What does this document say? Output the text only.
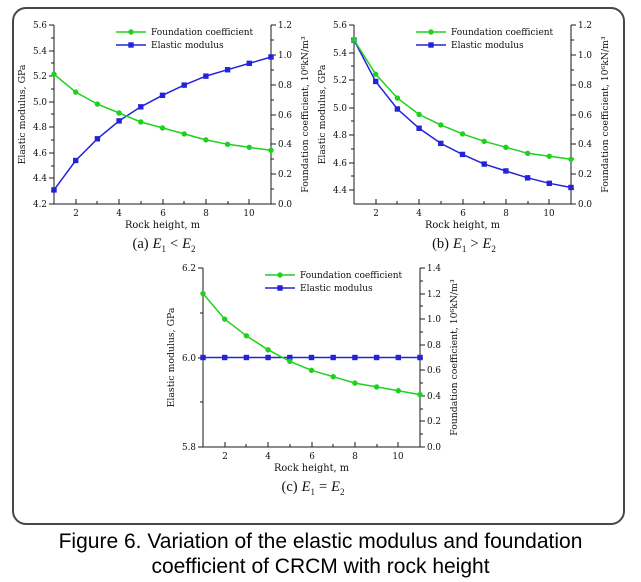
2	4	6	8	10
4.2
4.4
4.6
4.8
5.0
5.2
5.4
5.6
0.0
0.2
0.4
0.6
0.8
1.0
1.2
Elastic modulus, GPa	Foundation coefficient, 10⁶kN/m³
Rock height, m
Foundation coefficient
Elastic modulus
(a) $E_1 < E_2$
2	4	6	8	10
4.4
4.6
4.8
5.0
5.2
5.4
5.6
0.0
0.2
0.4
0.6
0.8
1.0
1.2
Elastic modulus, GPa	Foundation coefficient, 10⁶kN/m³
Rock height, m
Foundation coefficient
Elastic modulus
(b) $E_1 > E_2$
2	4	6	8	10
5.8
6.0
6.2
0.0
0.2
0.4
0.6
0.8
1.0
1.2
1.4
Elastic modulus, GPa	Foundation coefficient, 10⁶kN/m³
Rock height, m
Foundation coefficient
Elastic modulus
(c) $E_1 = E_2$
Figure 6. Variation of the elastic modulus and foundation
coefficient of CRCM with rock height
